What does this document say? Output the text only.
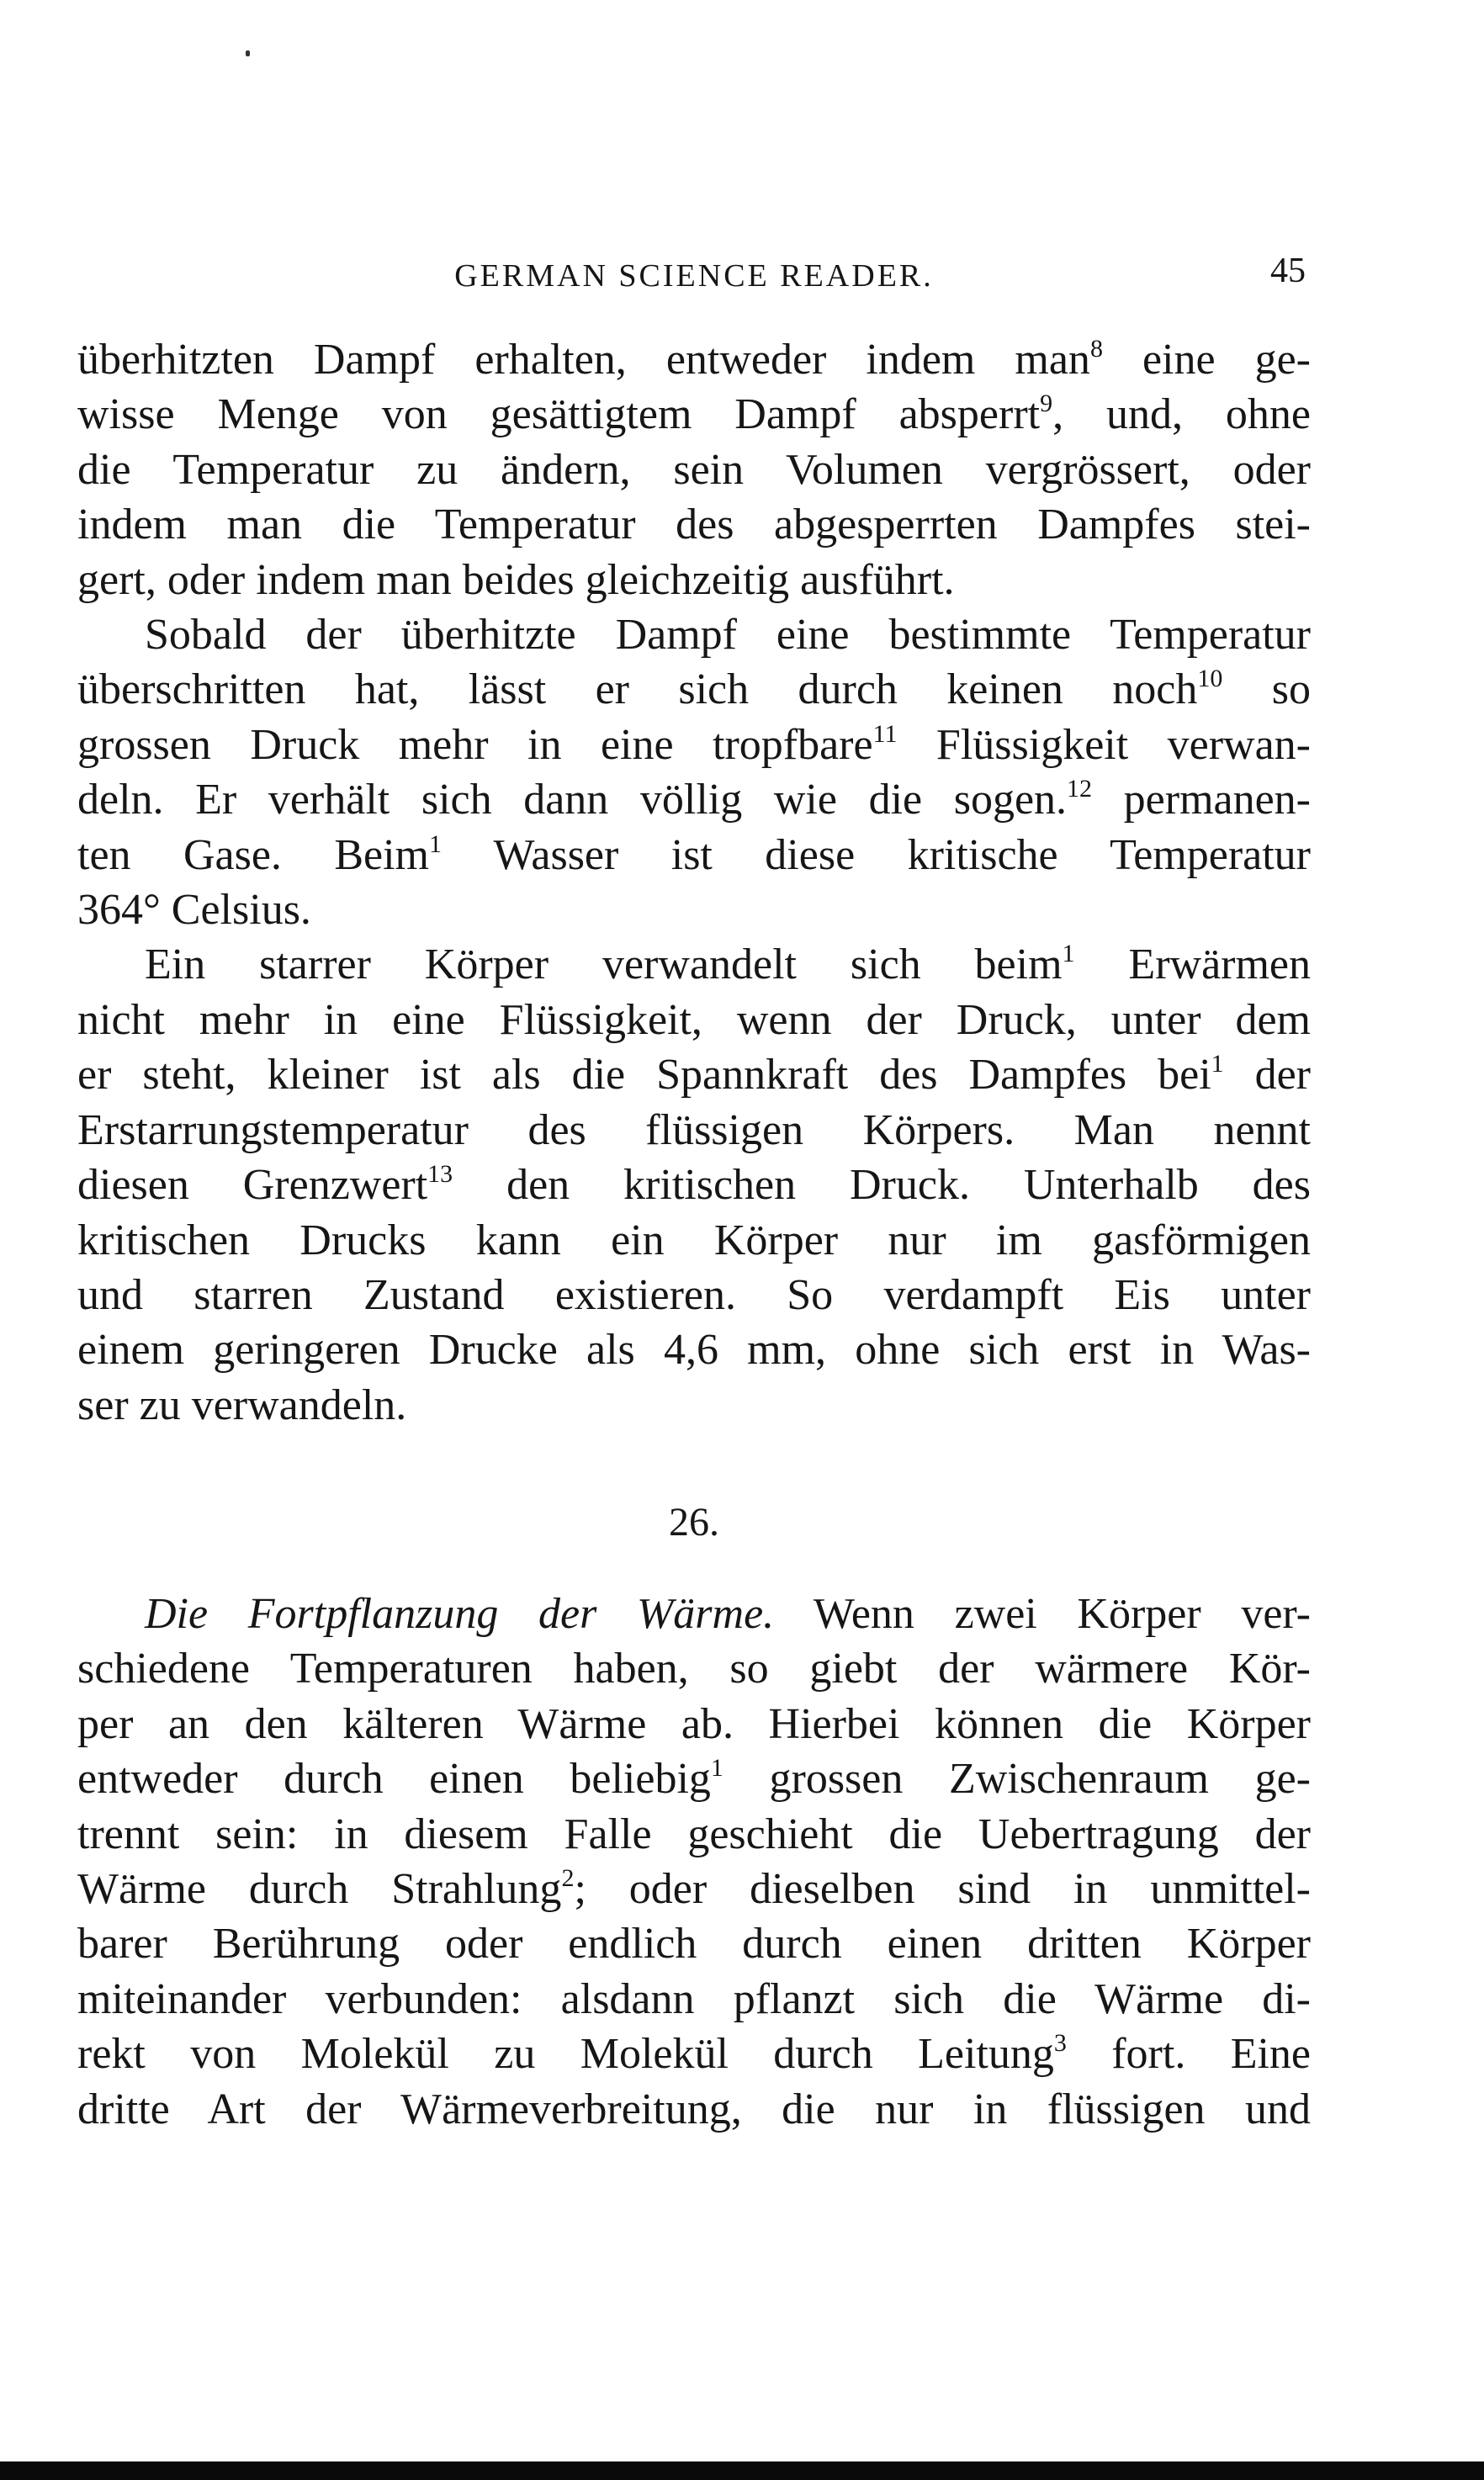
GERMAN SCIENCE READER.	45

überhitzten Dampf erhalten, entweder indem man$^8$ eine ge-
wisse Menge von gesättigtem Dampf absperrt$^9$, und, ohne
die Temperatur zu ändern, sein Volumen vergrössert, oder
indem man die Temperatur des abgesperrten Dampfes stei-
gert, oder indem man beides gleichzeitig ausführt.

Sobald der überhitzte Dampf eine bestimmte Temperatur
überschritten hat, lässt er sich durch keinen noch$^{10}$ so
grossen Druck mehr in eine tropfbare$^{11}$ Flüssigkeit verwan-
deln. Er verhält sich dann völlig wie die sogen.$^{12}$ permanen-
ten Gase. Beim$^1$ Wasser ist diese kritische Temperatur
364° Celsius.

Ein starrer Körper verwandelt sich beim$^1$ Erwärmen
nicht mehr in eine Flüssigkeit, wenn der Druck, unter dem
er steht, kleiner ist als die Spannkraft des Dampfes bei$^1$ der
Erstarrungstemperatur des flüssigen Körpers. Man nennt
diesen Grenzwert$^{13}$ den kritischen Druck. Unterhalb des
kritischen Drucks kann ein Körper nur im gasförmigen
und starren Zustand existieren. So verdampft Eis unter
einem geringeren Drucke als 4,6 mm, ohne sich erst in Was-
ser zu verwandeln.

26.

Die Fortpflanzung der Wärme. Wenn zwei Körper ver-
schiedene Temperaturen haben, so giebt der wärmere Kör-
per an den kälteren Wärme ab. Hierbei können die Körper
entweder durch einen beliebig$^1$ grossen Zwischenraum ge-
trennt sein: in diesem Falle geschieht die Uebertragung der
Wärme durch Strahlung$^2$; oder dieselben sind in unmittel-
barer Berührung oder endlich durch einen dritten Körper
miteinander verbunden: alsdann pflanzt sich die Wärme di-
rekt von Molekül zu Molekül durch Leitung$^3$ fort. Eine
dritte Art der Wärmeverbreitung, die nur in flüssigen und
